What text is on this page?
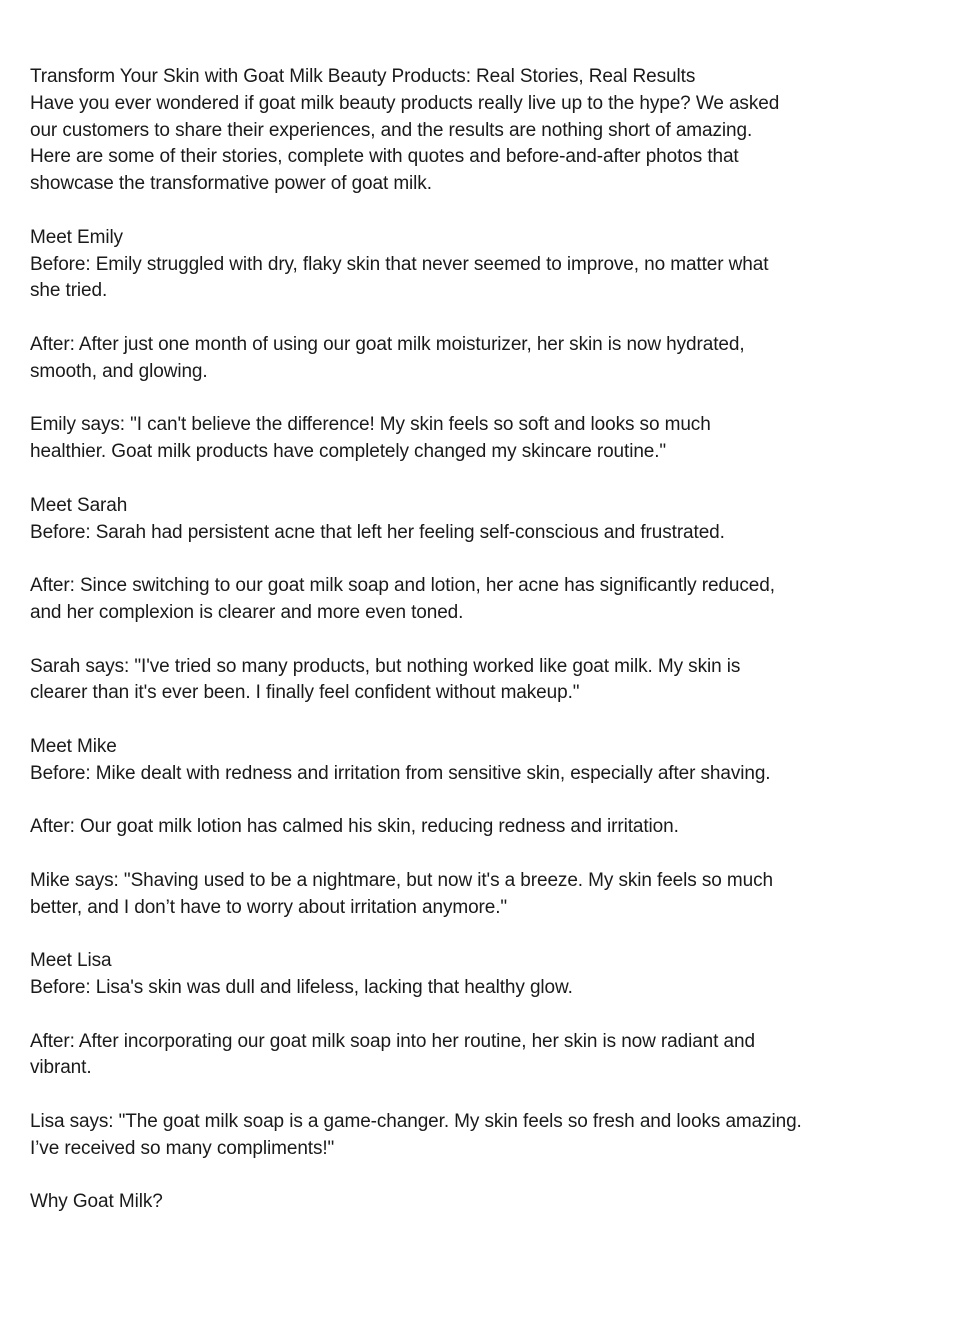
Transform Your Skin with Goat Milk Beauty Products: Real Stories, Real Results
Have you ever wondered if goat milk beauty products really live up to the hype? We asked
our customers to share their experiences, and the results are nothing short of amazing.
Here are some of their stories, complete with quotes and before-and-after photos that
showcase the transformative power of goat milk.
Meet Emily
Before: Emily struggled with dry, flaky skin that never seemed to improve, no matter what
she tried.
After: After just one month of using our goat milk moisturizer, her skin is now hydrated,
smooth, and glowing.
Emily says: "I can't believe the difference! My skin feels so soft and looks so much
healthier. Goat milk products have completely changed my skincare routine."
Meet Sarah
Before: Sarah had persistent acne that left her feeling self-conscious and frustrated.
After: Since switching to our goat milk soap and lotion, her acne has significantly reduced,
and her complexion is clearer and more even toned.
Sarah says: "I've tried so many products, but nothing worked like goat milk. My skin is
clearer than it's ever been. I finally feel confident without makeup."
Meet Mike
Before: Mike dealt with redness and irritation from sensitive skin, especially after shaving.
After: Our goat milk lotion has calmed his skin, reducing redness and irritation.
Mike says: "Shaving used to be a nightmare, but now it's a breeze. My skin feels so much
better, and I don’t have to worry about irritation anymore."
Meet Lisa
Before: Lisa's skin was dull and lifeless, lacking that healthy glow.
After: After incorporating our goat milk soap into her routine, her skin is now radiant and
vibrant.
Lisa says: "The goat milk soap is a game-changer. My skin feels so fresh and looks amazing.
I’ve received so many compliments!"
Why Goat Milk?
